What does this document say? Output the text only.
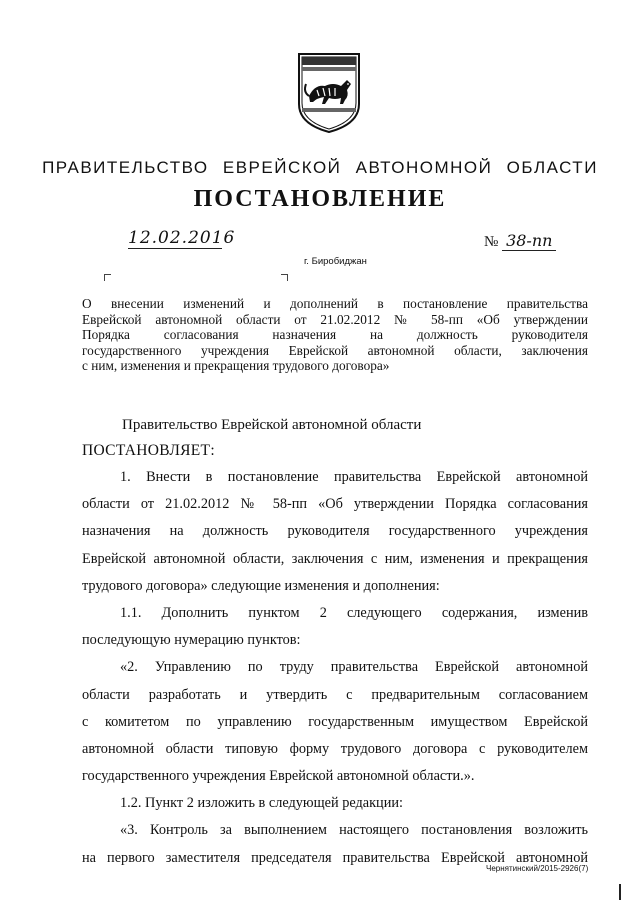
ПРАВИТЕЛЬСТВО ЕВРЕЙСКОЙ АВТОНОМНОЙ ОБЛАСТИ
ПОСТАНОВЛЕНИЕ
12.02.2016	№ 38-пп
г. Биробиджан
О внесении изменений и дополнений в постановление правительства
Еврейской автономной области от 21.02.2012 № 58-пп «Об утверждении
Порядка согласования назначения на должность руководителя
государственного учреждения Еврейской автономной области, заключения
с ним, изменения и прекращения трудового договора»
Правительство Еврейской автономной области
ПОСТАНОВЛЯЕТ:
1. Внести в постановление правительства Еврейской автономной
области от 21.02.2012 № 58-пп «Об утверждении Порядка согласования
назначения на должность руководителя государственного учреждения
Еврейской автономной области, заключения с ним, изменения и прекращения
трудового договора» следующие изменения и дополнения:
1.1. Дополнить пунктом 2 следующего содержания, изменив
последующую нумерацию пунктов:
«2. Управлению по труду правительства Еврейской автономной
области разработать и утвердить с предварительным согласованием
с комитетом по управлению государственным имуществом Еврейской
автономной области типовую форму трудового договора с руководителем
государственного учреждения Еврейской автономной области.».
1.2. Пункт 2 изложить в следующей редакции:
«3. Контроль за выполнением настоящего постановления возложить
на первого заместителя председателя правительства Еврейской автономной
Чернятинский/2015-2926(7)
